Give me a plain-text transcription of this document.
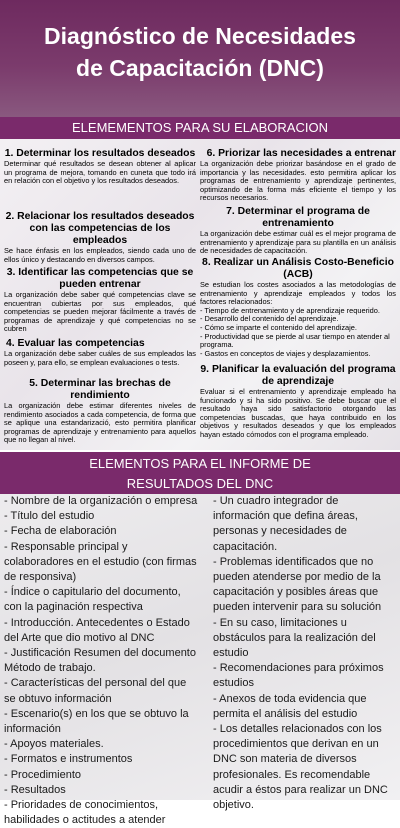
Diagnóstico de Necesidades
de Capacitación (DNC)
ELEMEMENTOS PARA SU ELABORACION
1. Determinar los resultados deseados
Determinar qué resultados se desean obtener al aplicar un programa de mejora, tomando en cuneta que todo irá en relación con el objetivo y los resultados deseados.
2. Relacionar los resultados deseados con las competencias de los empleados
Se hace énfasis en los empleados, siendo cada uno de ellos único y destacando en diversos campos.
3. Identificar las competencias que se pueden entrenar
La organización debe saber qué competencias clave se encuentran cubiertas por sus empleados, qué competencias se pueden mejorar fácilmente a través de programas de aprendizaje y qué competencias no se cubren
4. Evaluar las competencias
La organización debe saber cuáles de sus empleados las poseen y, para ello, se emplean evaluaciones o tests.
5. Determinar las brechas de rendimiento
La organización debe estimar diferentes niveles de rendimiento asociados a cada competencia, de forma que se aplique una estandarizació, esto permitira planificar programas de aprendizaje y entrenamiento para aquellos que no llegan al nivel.
6. Priorizar las necesidades a entrenar
La organización debe priorizar basándose en el grado de importancia y las necesidades. esto permitira aplicar los programas de entrenamiento y aprendizaje pertinentes, optimizando de la forma más eficiente el tiempo y los recursos necesarios.
7. Determinar el programa de entrenamiento
La organización debe estimar cuál es el mejor programa de entrenamiento y aprendizaje para su plantilla en un análisis de necesidades de capacitación.
8. Realizar un Análisis Costo-Beneficio (ACB)
Se estudian los costes asociados a las metodologías de entrenamiento y aprendizaje empleados y todos los factores relacionados:
- Tiempo de entrenamiento y de aprendizaje requerido.
- Desarrollo del contenido del aprendizaje.
- Cómo se imparte el contenido del aprendizaje.
- Productividad que se pierde al usar tiempo en atender al programa.
- Gastos en conceptos de viajes y desplazamientos.
9. Planificar la evaluación del programa de aprendizaje
Evaluar si el entrenamiento y aprendizaje empleado ha funcionado y si ha sido positivo. Se debe buscar que el resultado haya sido satisfactorio otorgando las competencias buscadas, que haya contribuido en los objetivos y resultados deseados y que los empleados hayan estado cómodos con el programa empleado.
ELEMENTOS PARA EL INFORME DE
RESULTADOS DEL DNC
- Nombre de la organización o empresa
- Título del estudio
- Fecha de elaboración
- Responsable principal y colaboradores en el estudio (con firmas de responsiva)
- Índice o capitulario del documento, con la paginación respectiva
- Introducción. Antecedentes o Estado del Arte que dio motivo al DNC
- Justificación Resumen del documento Método de trabajo.
- Características del personal del que se obtuvo información
- Escenario(s) en los que se obtuvo la información
- Apoyos materiales.
- Formatos e instrumentos
- Procedimiento
- Resultados
- Prioridades de conocimientos, habilidades o actitudes a atender
- Un cuadro integrador de información que defina áreas, personas y necesidades de capacitación.
- Problemas identificados que no pueden atenderse por medio de la capacitación y posibles áreas que pueden intervenir para su solución
- En su caso, limitaciones u obstáculos para la realización del estudio
- Recomendaciones para próximos estudios
- Anexos de toda evidencia que permita el análisis del estudio
- Los detalles relacionados con los procedimientos que derivan en un DNC son materia de diversos profesionales. Es recomendable acudir a éstos para realizar un DNC objetivo.
